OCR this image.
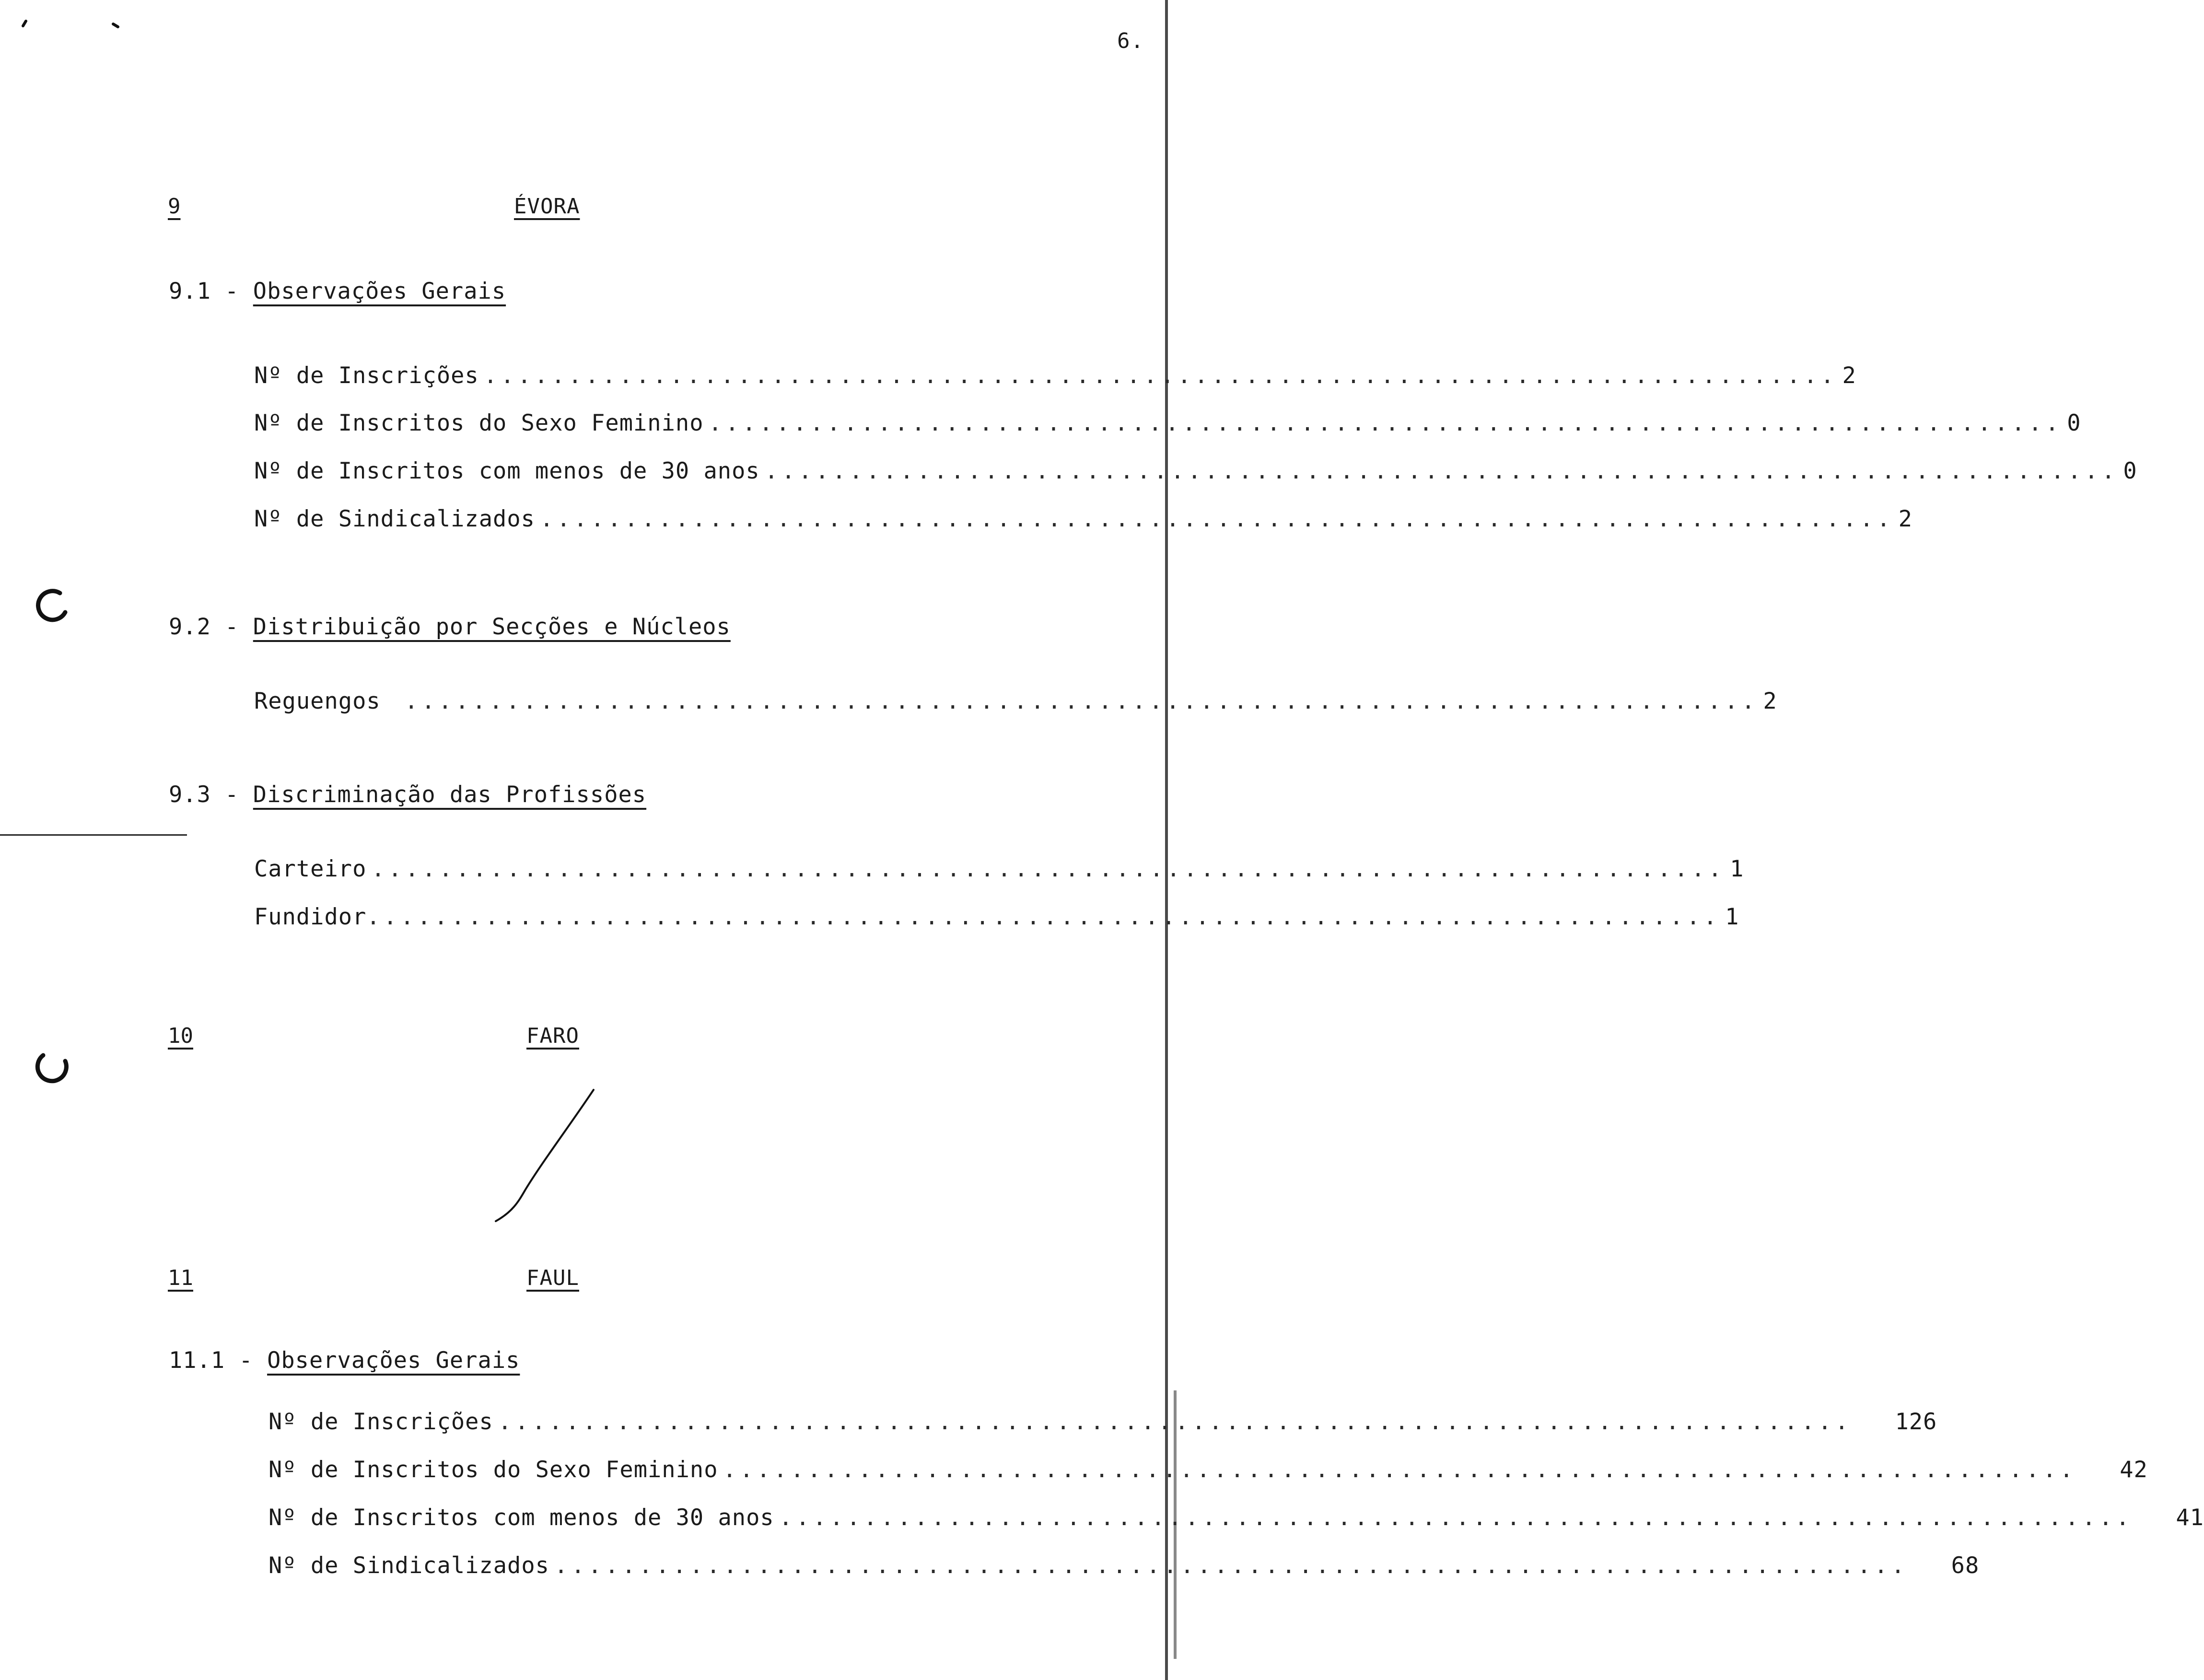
6.
9	ÉVORA
9.1 - Observações Gerais
Nº de Inscrições ................................................................................ 2
Nº de Inscritos do Sexo Feminino ................................................................................ 0
Nº de Inscritos com menos de 30 anos ................................................................................ 0
Nº de Sindicalizados ................................................................................ 2
9.2 - Distribuição por Secções e Núcleos
Reguengos ................................................................................ 2
9.3 - Discriminação das Profissões
Carteiro ................................................................................ 1
Fundidor ................................................................................ 1
10	FARO
11	FAUL
11.1 - Observações Gerais
Nº de Inscrições ................................................................................ 126
Nº de Inscritos do Sexo Feminino ................................................................................ 42
Nº de Inscritos com menos de 30 anos ................................................................................ 41
Nº de Sindicalizados ................................................................................ 68
